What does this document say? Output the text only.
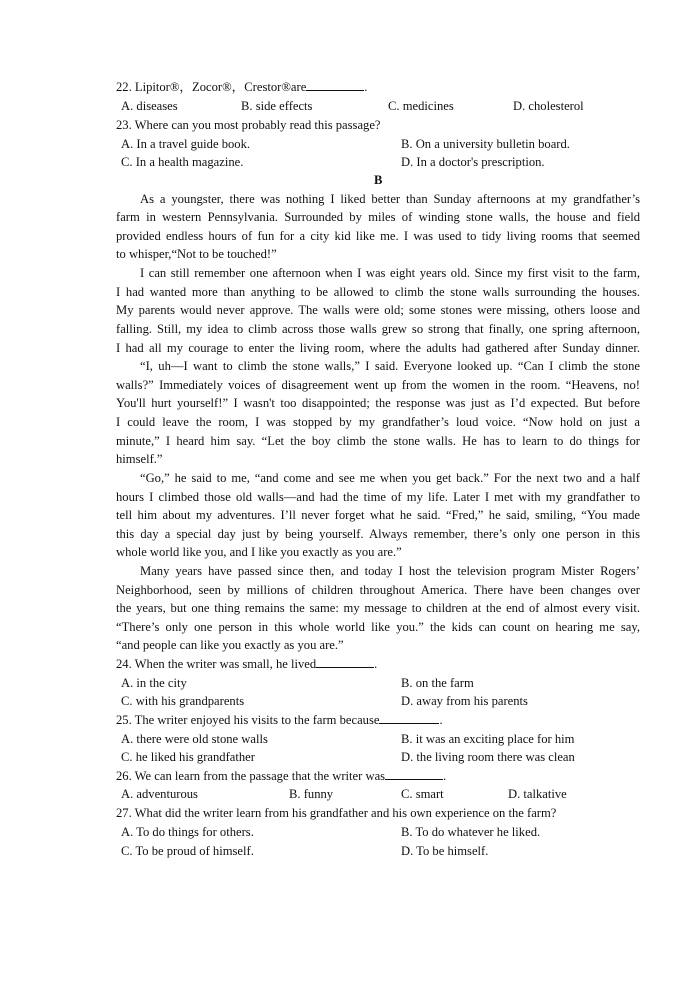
22. Lipitor®，Zocor®，Crestor®are	.
A. diseases	B. side effects	C. medicines	D. cholesterol
23. Where can you most probably read this passage?
A. In a travel guide book.	B. On a university bulletin board.
C. In a health magazine.	D. In a doctor's prescription.
B
As a youngster, there was nothing I liked better than Sunday afternoons at my grandfather’s
farm in western Pennsylvania. Surrounded by miles of winding stone walls, the house and field
provided endless hours of fun for a city kid like me. I was used to tidy living rooms that seemed
to whisper,“Not to be touched!”
I can still remember one afternoon when I was eight years old. Since my first visit to the farm,
I had wanted more than anything to be allowed to climb the stone walls surrounding the houses.
My parents would never approve. The walls were old; some stones were missing, others loose and
falling. Still, my idea to climb across those walls grew so strong that finally, one spring afternoon,
I had all my courage to enter the living room, where the adults had gathered after Sunday dinner.
“I, uh—I want to climb the stone walls,” I said. Everyone looked up. “Can I climb the stone
walls?” Immediately voices of disagreement went up from the women in the room. “Heavens, no!
You'll hurt yourself!” I wasn't too disappointed; the response was just as I’d expected. But before
I could leave the room, I was stopped by my grandfather’s loud voice. “Now hold on just a
minute,” I heard him say. “Let the boy climb the stone walls. He has to learn to do things for
himself.”
“Go,” he said to me, “and come and see me when you get back.” For the next two and a half
hours I climbed those old walls—and had the time of my life. Later I met with my grandfather to
tell him about my adventures. I’ll never forget what he said. “Fred,” he said, smiling, “You made
this day a special day just by being yourself. Always remember, there’s only one person in this
whole world like you, and I like you exactly as you are.”
Many years have passed since then, and today I host the television program Mister Rogers’
Neighborhood, seen by millions of children throughout America. There have been changes over
the years, but one thing remains the same: my message to children at the end of almost every visit.
“There’s only one person in this whole world like you.” the kids can count on hearing me say,
“and people can like you exactly as you are.”
24. When the writer was small, he lived	.
A. in the city	B. on the farm
C. with his grandparents	D. away from his parents
25. The writer enjoyed his visits to the farm because	.
A. there were old stone walls	B. it was an exciting place for him
C. he liked his grandfather	D. the living room there was clean
26. We can learn from the passage that the writer was	.
A. adventurous	B. funny	C. smart	D. talkative
27. What did the writer learn from his grandfather and his own experience on the farm?
A. To do things for others.	B. To do whatever he liked.
C. To be proud of himself.	D. To be himself.
